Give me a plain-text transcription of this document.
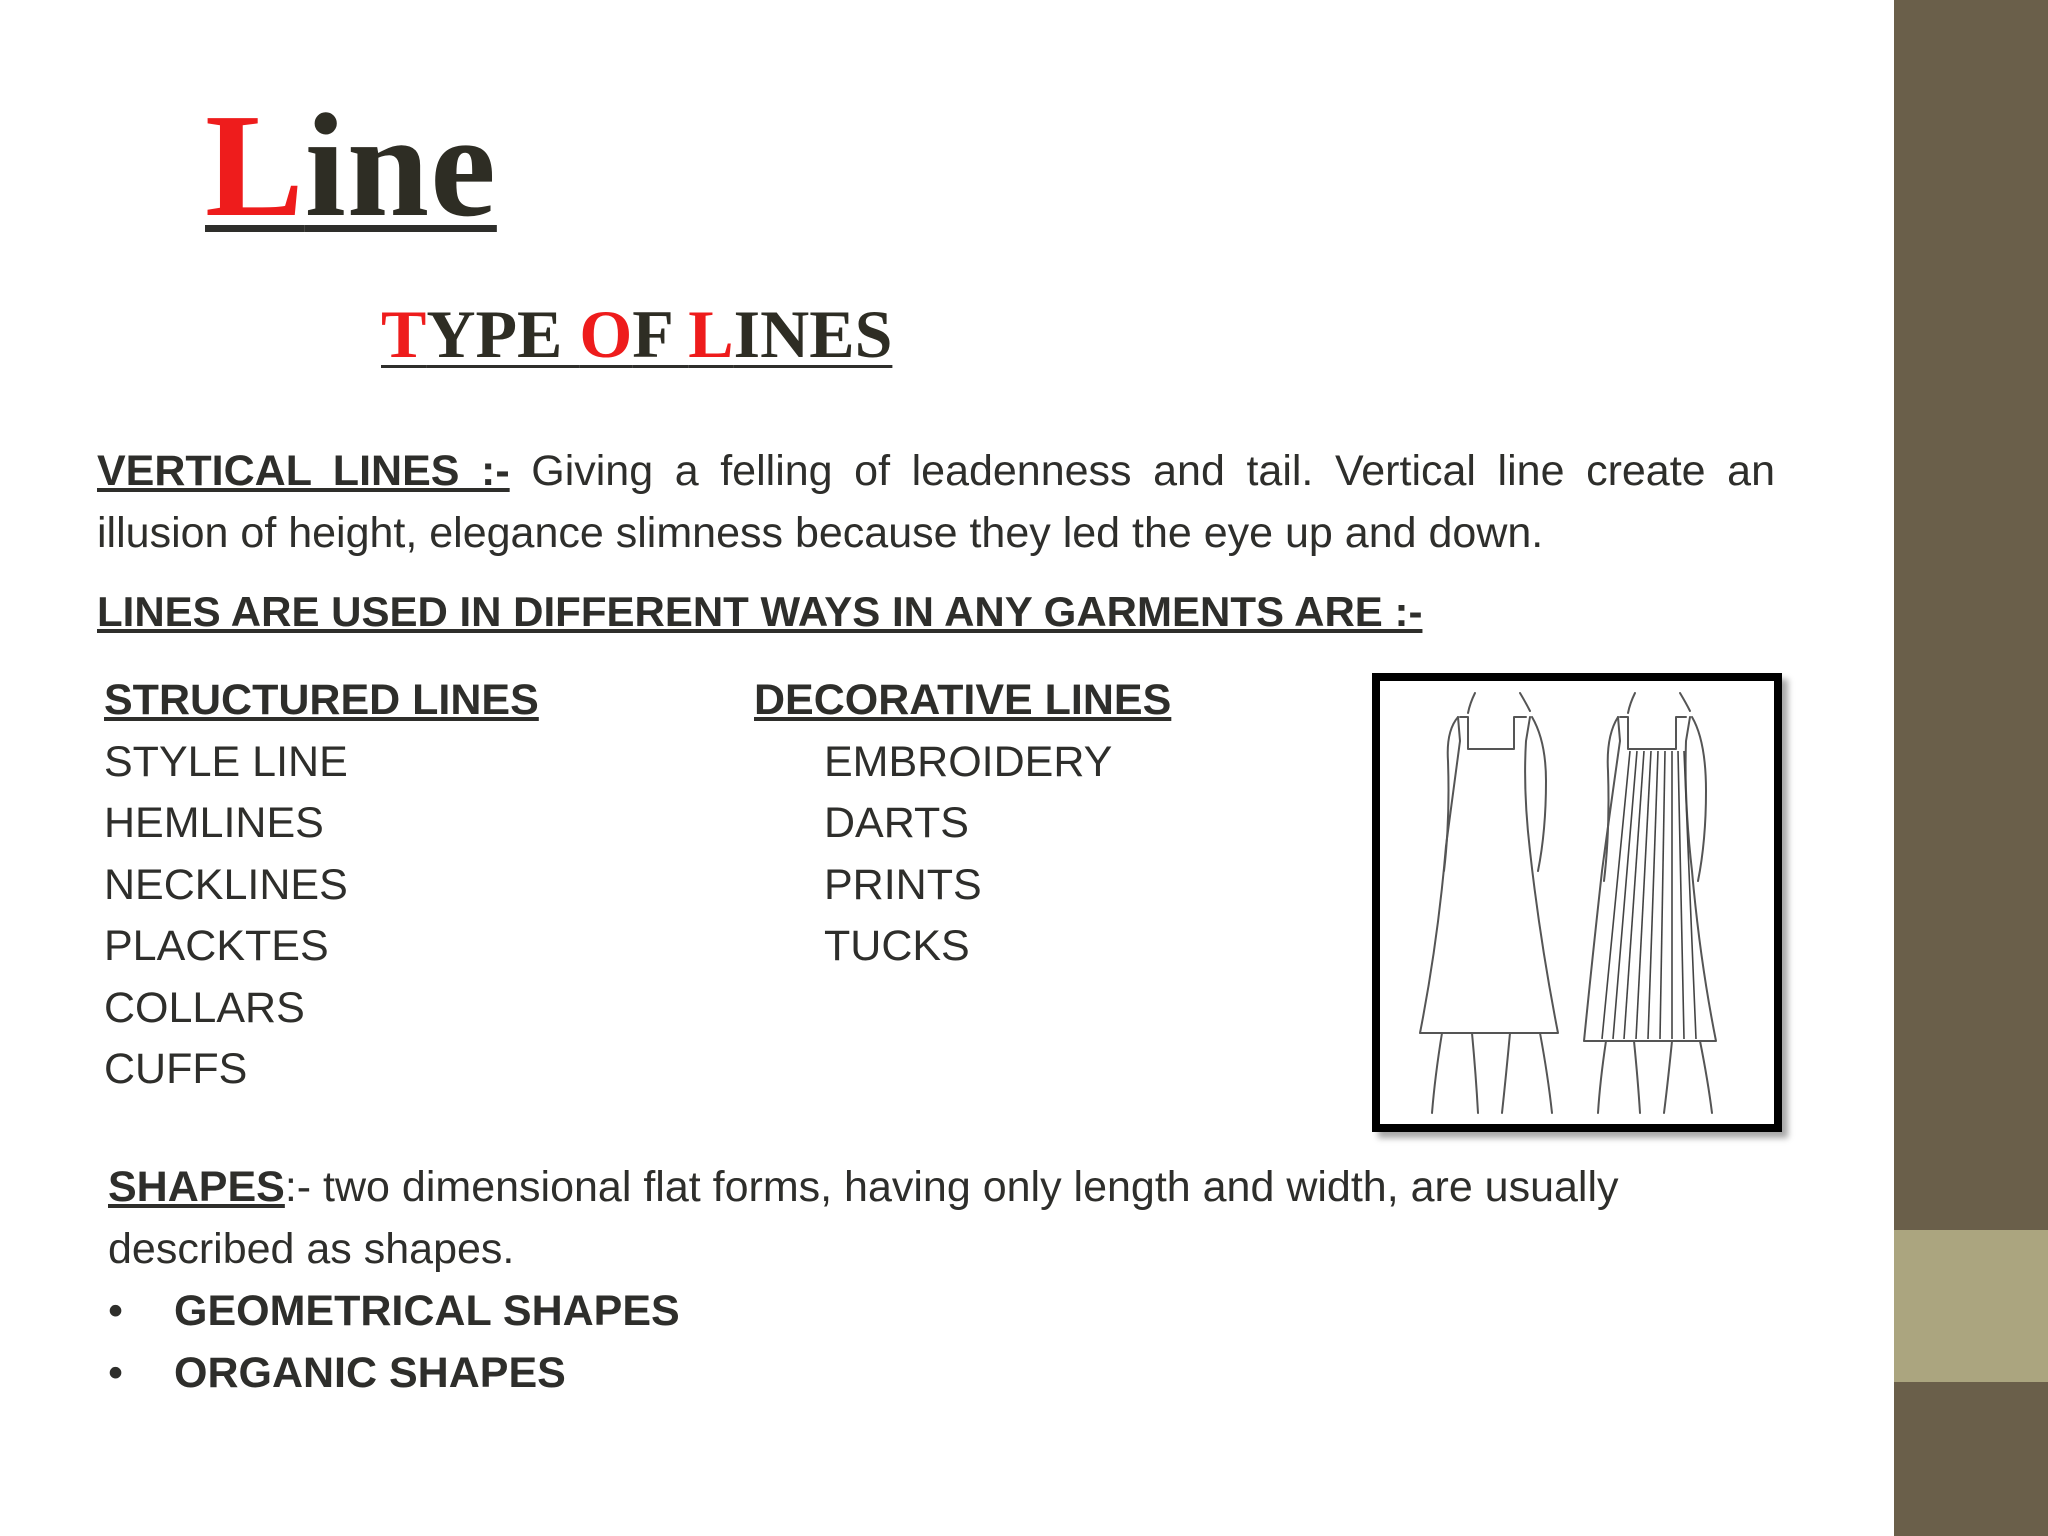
Line
TYPE OF LINES
VERTICAL LINES :- Giving a felling of leadenness and tail. Vertical line create an illusion of height, elegance slimness because they led the eye up and down.
LINES ARE USED IN DIFFERENT WAYS IN ANY GARMENTS ARE :-
STRUCTURED LINES
STYLE LINE
HEMLINES
NECKLINES
PLACKTES
COLLARS
CUFFS
DECORATIVE LINES
EMBROIDERY
DARTS
PRINTS
TUCKS
SHAPES:- two dimensional flat forms, having only length and width, are usually described as shapes.
• GEOMETRICAL SHAPES
• ORGANIC SHAPES
